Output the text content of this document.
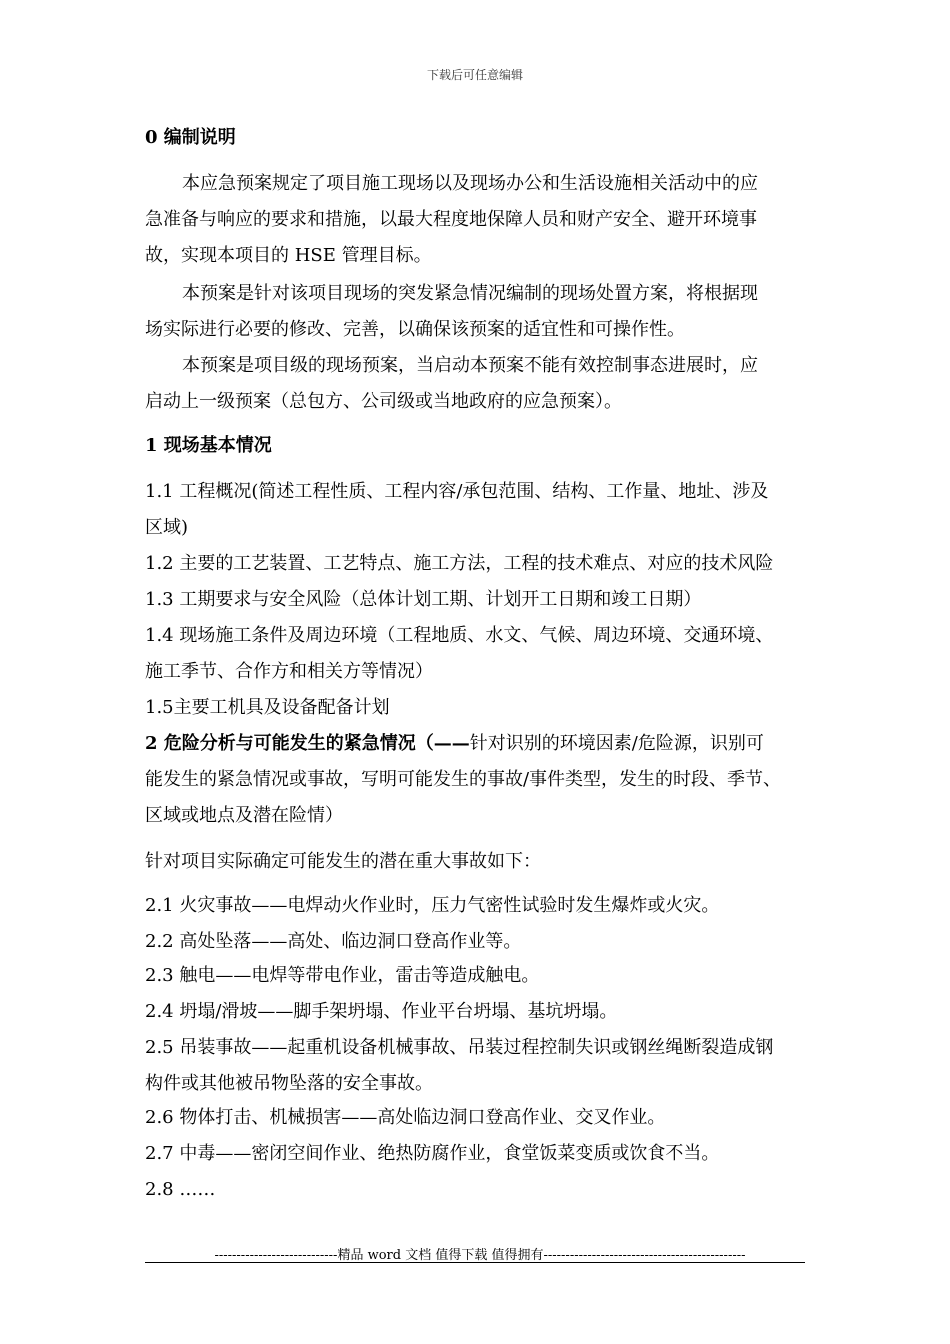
下载后可任意编辑
0 编制说明
本应急预案规定了项目施工现场以及现场办公和生活设施相关活动中的应
急准备与响应的要求和措施，以最大程度地保障人员和财产安全、避开环境事
故，实现本项目的 HSE 管理目标。
本预案是针对该项目现场的突发紧急情况编制的现场处置方案，将根据现
场实际进行必要的修改、完善，以确保该预案的适宜性和可操作性。
本预案是项目级的现场预案，当启动本预案不能有效控制事态进展时，应
启动上一级预案（总包方、公司级或当地政府的应急预案）。
1 现场基本情况
1.1 工程概况(简述工程性质、工程内容/承包范围、结构、工作量、地址、涉及
区域)
1.2 主要的工艺装置、工艺特点、施工方法，工程的技术难点、对应的技术风险
1.3 工期要求与安全风险（总体计划工期、计划开工日期和竣工日期）
1.4 现场施工条件及周边环境（工程地质、水文、气候、周边环境、交通环境、
施工季节、合作方和相关方等情况）
1.5主要工机具及设备配备计划
2 危险分析与可能发生的紧急情况（——针对识别的环境因素/危险源，识别可
能发生的紧急情况或事故，写明可能发生的事故/事件类型，发生的时段、季节、
区域或地点及潜在险情）
针对项目实际确定可能发生的潜在重大事故如下：
2.1 火灾事故——电焊动火作业时，压力气密性试验时发生爆炸或火灾。
2.2 高处坠落——高处、临边洞口登高作业等。
2.3 触电——电焊等带电作业，雷击等造成触电。
2.4 坍塌/滑坡——脚手架坍塌、作业平台坍塌、基坑坍塌。
2.5 吊装事故——起重机设备机械事故、吊装过程控制失识或钢丝绳断裂造成钢
构件或其他被吊物坠落的安全事故。
2.6 物体打击、机械损害——高处临边洞口登高作业、交叉作业。
2.7 中毒——密闭空间作业、绝热防腐作业，食堂饭菜变质或饮食不当。
2.8 ……
----------------------------精品 word 文档 值得下载 值得拥有----------------------------------------------
